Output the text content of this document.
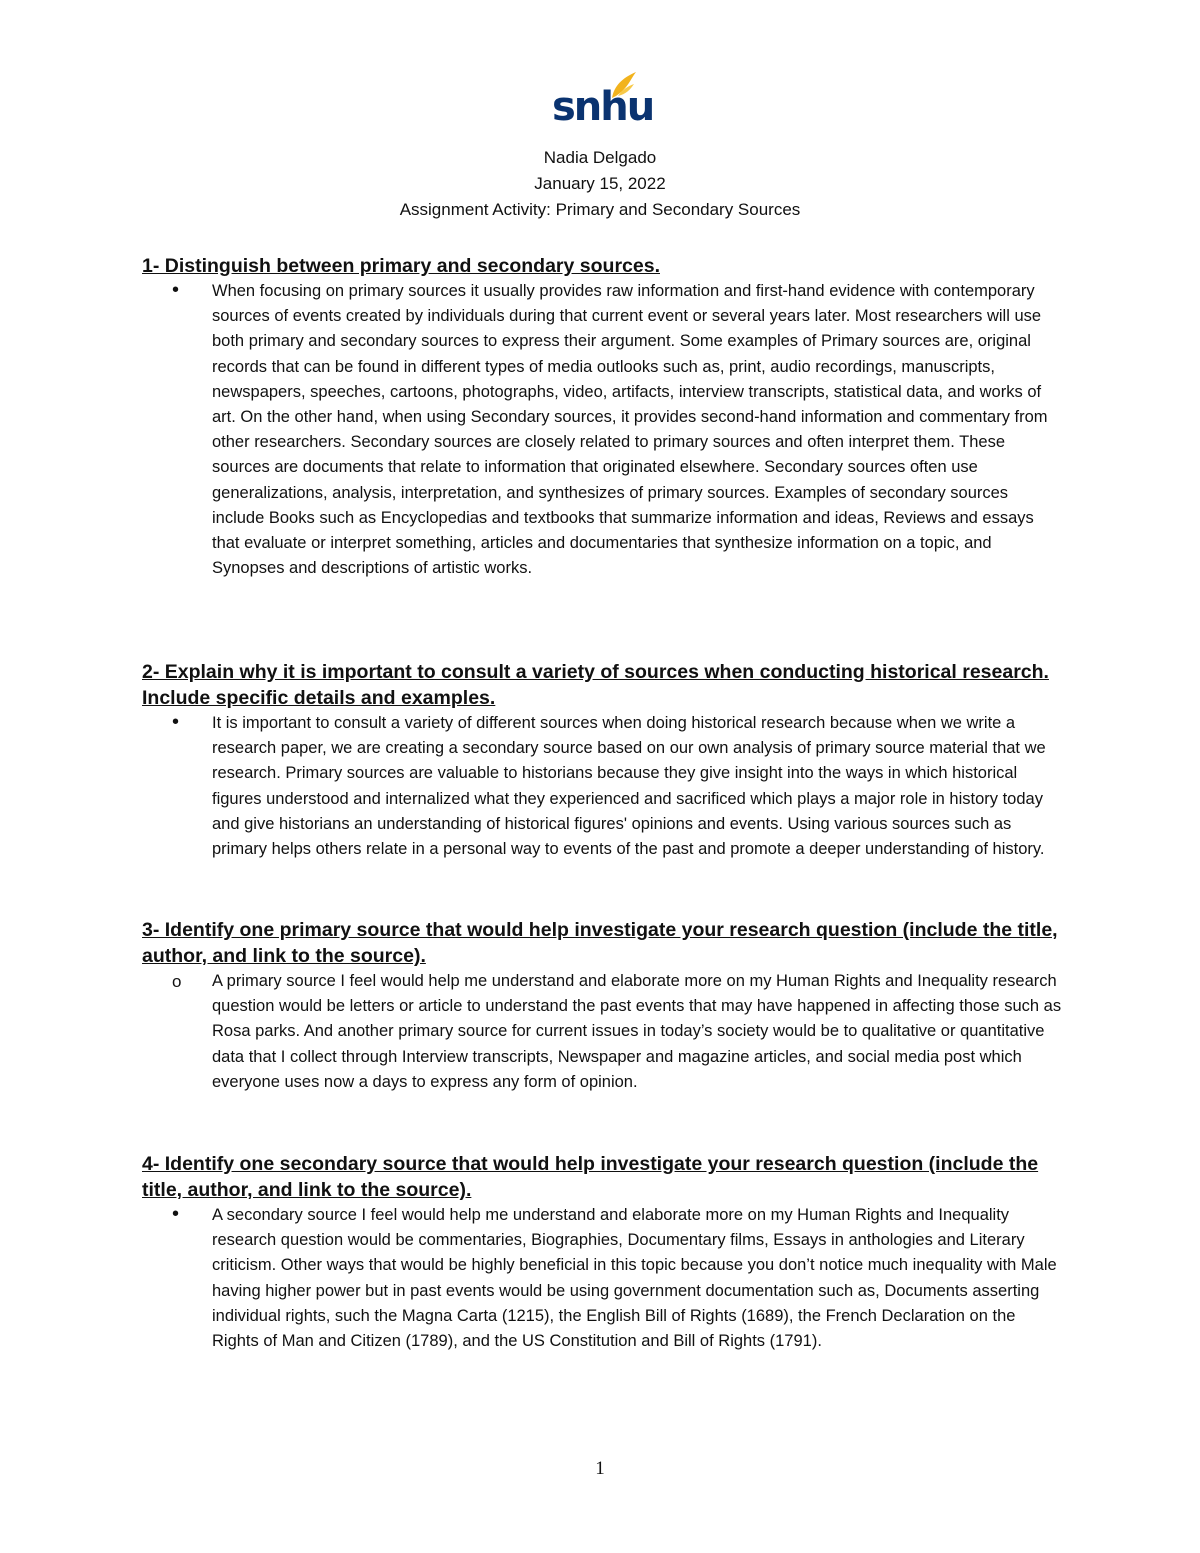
snhu
Nadia Delgado
January 15, 2022
Assignment Activity: Primary and Secondary Sources

1- Distinguish between primary and secondary sources.

• When focusing on primary sources it usually provides raw information and first-hand evidence with contemporary sources of events created by individuals during that current event or several years later. Most researchers will use both primary and secondary sources to express their argument. Some examples of Primary sources are, original records that can be found in different types of media outlooks such as, print, audio recordings, manuscripts, newspapers, speeches, cartoons, photographs, video, artifacts, interview transcripts, statistical data, and works of art. On the other hand, when using Secondary sources, it provides second-hand information and commentary from other researchers. Secondary sources are closely related to primary sources and often interpret them. These sources are documents that relate to information that originated elsewhere. Secondary sources often use generalizations, analysis, interpretation, and synthesizes of primary sources. Examples of secondary sources include Books such as Encyclopedias and textbooks that summarize information and ideas, Reviews and essays that evaluate or interpret something, articles and documentaries that synthesize information on a topic, and Synopses and descriptions of artistic works.

2- Explain why it is important to consult a variety of sources when conducting historical research. Include specific details and examples.

• It is important to consult a variety of different sources when doing historical research because when we write a research paper, we are creating a secondary source based on our own analysis of primary source material that we research. Primary sources are valuable to historians because they give insight into the ways in which historical figures understood and internalized what they experienced and sacrificed which plays a major role in history today and give historians an understanding of historical figures' opinions and events. Using various sources such as primary helps others relate in a personal way to events of the past and promote a deeper understanding of history.

3- Identify one primary source that would help investigate your research question (include the title, author, and link to the source).

o A primary source I feel would help me understand and elaborate more on my Human Rights and Inequality research question would be letters or article to understand the past events that may have happened in affecting those such as Rosa parks. And another primary source for current issues in today’s society would be to qualitative or quantitative data that I collect through Interview transcripts, Newspaper and magazine articles, and social media post which everyone uses now a days to express any form of opinion.

4- Identify one secondary source that would help investigate your research question (include the title, author, and link to the source).

• A secondary source I feel would help me understand and elaborate more on my Human Rights and Inequality research question would be commentaries, Biographies, Documentary films, Essays in anthologies and Literary criticism. Other ways that would be highly beneficial in this topic because you don’t notice much inequality with Male having higher power but in past events would be using government documentation such as, Documents asserting individual rights, such the Magna Carta (1215), the English Bill of Rights (1689), the French Declaration on the Rights of Man and Citizen (1789), and the US Constitution and Bill of Rights (1791).

1
